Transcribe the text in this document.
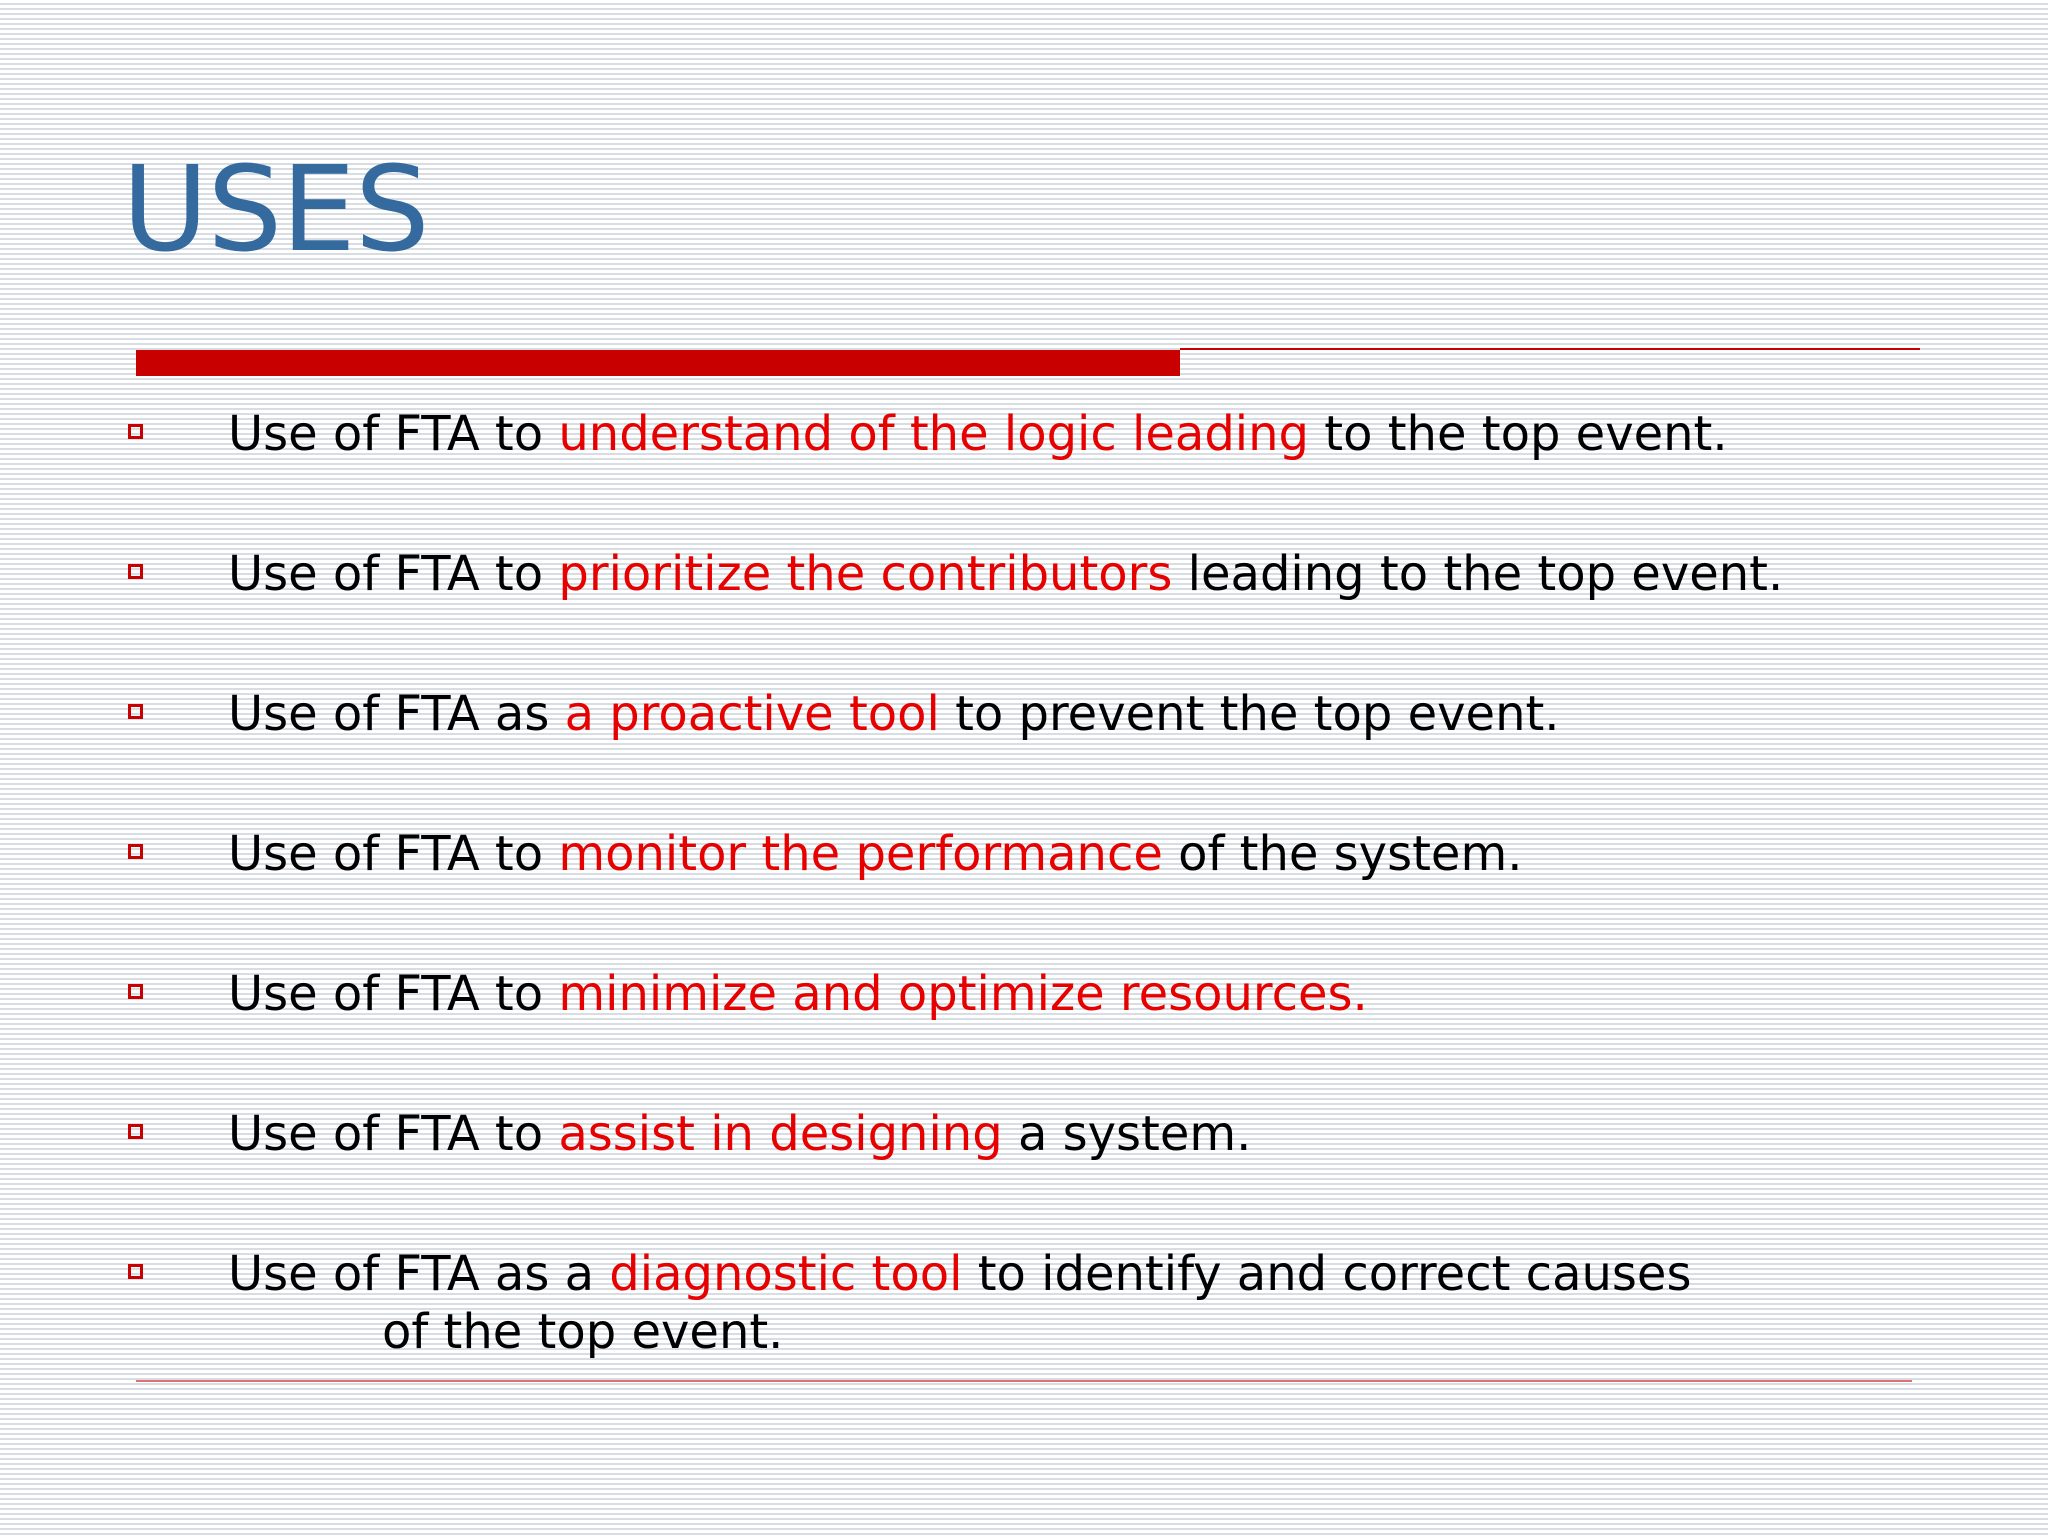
USES
Use of FTA to understand of the logic leading to the top event.
Use of FTA to prioritize the contributors leading to the top event.
Use of FTA as a proactive tool to prevent the top event.
Use of FTA to monitor the performance of the system.
Use of FTA to minimize and optimize resources.
Use of FTA to assist in designing a system.
Use of FTA as a diagnostic tool to identify and correct causes
of the top event.
